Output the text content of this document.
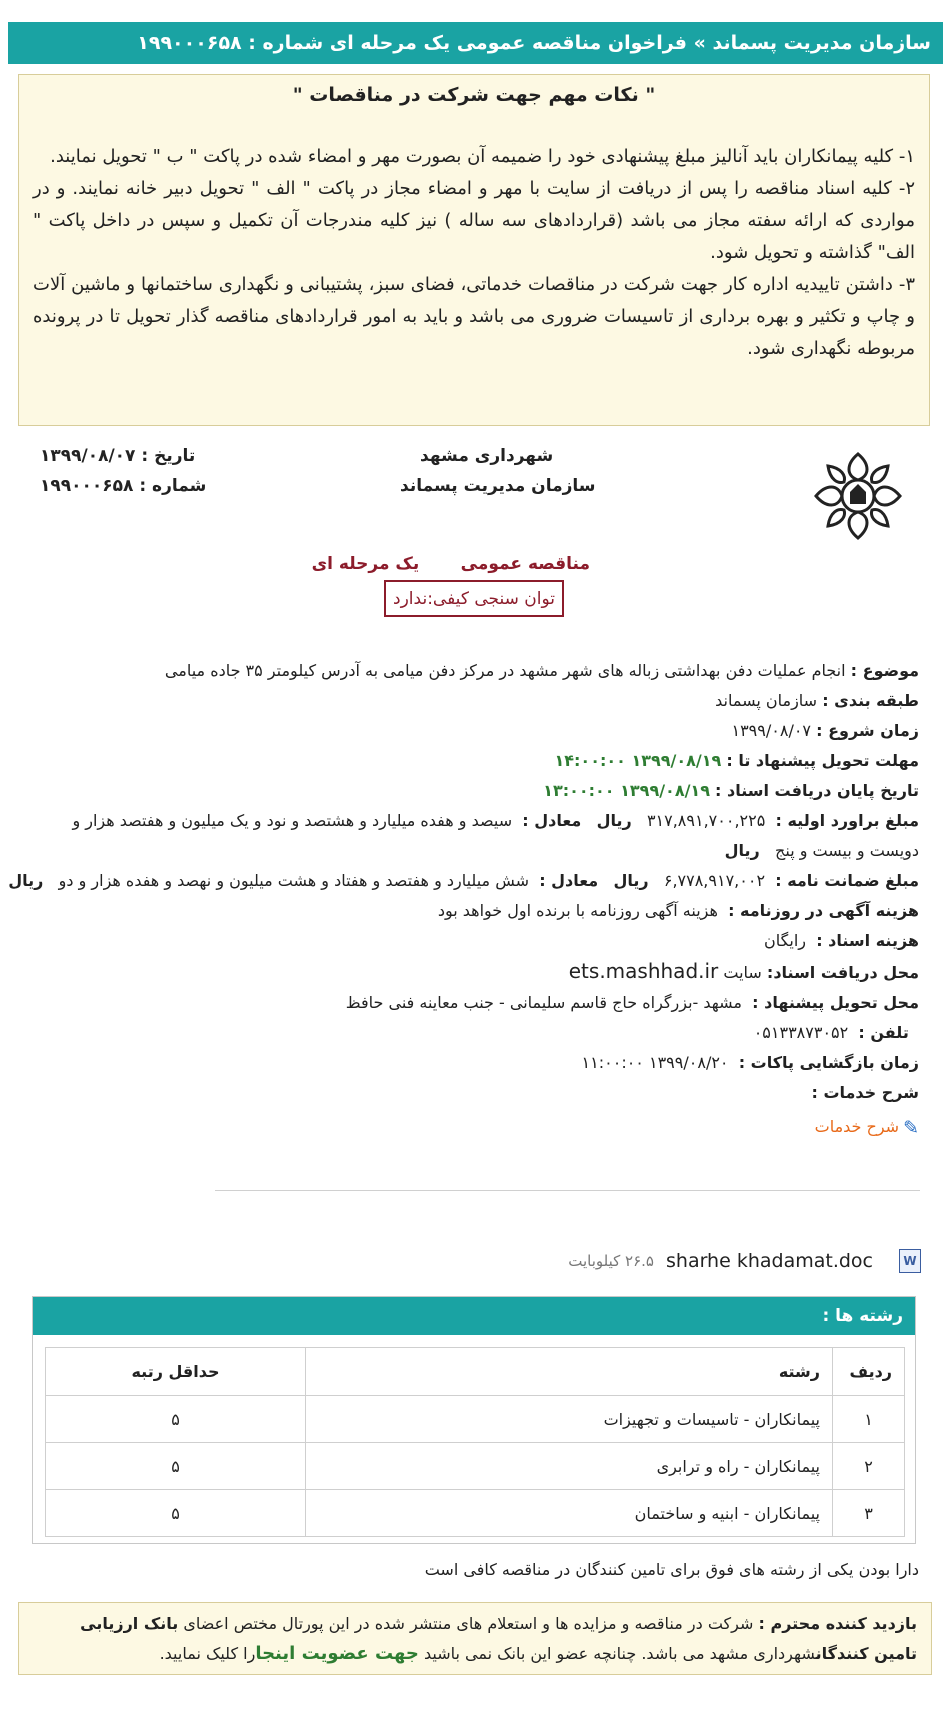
سازمان مدیریت پسماند » فراخوان مناقصه عمومی یک مرحله ای شماره : ۱۹۹۰۰۰۶۵۸
" نکات مهم جهت شرکت در مناقصات "

۱- کلیه پیمانکاران باید آنالیز مبلغ پیشنهادی خود را ضمیمه آن بصورت مهر و امضاء شده در پاکت " ب " تحویل نمایند.

۲- کلیه اسناد مناقصه را پس از دریافت از سایت با مهر و امضاء مجاز در پاکت " الف " تحویل دبیر خانه نمایند. و در مواردی که ارائه سفته مجاز می باشد (قراردادهای سه ساله ) نیز کلیه مندرجات آن تکمیل و سپس در داخل پاکت " الف" گذاشته و تحویل شود.

۳- داشتن تاییدیه اداره کار جهت شرکت در مناقصات خدماتی، فضای سبز، پشتیبانی و نگهداری ساختمانها و ماشین آلات و چاپ و تکثیر و بهره برداری از تاسیسات ضروری می باشد و باید به امور قراردادهای مناقصه گذار تحویل تا در پرونده مربوطه نگهداری شود.

شهرداری مشهد
سازمان مدیریت پسماند
تاریخ : ۱۳۹۹/۰۸/۰۷
شماره : ۱۹۹۰۰۰۶۵۸
مناقصه عمومی       یک مرحله ای
توان سنجی کیفی:ندارد
موضوع : انجام عملیات دفن بهداشتی زباله های شهر مشهد در مرکز دفن میامی به آدرس کیلومتر ۳۵ جاده میامی
طبقه بندی : سازمان پسماند
زمان شروع : ۱۳۹۹/۰۸/۰۷
مهلت تحویل پیشنهاد تا : ۱۳۹۹/۰۸/۱۹ ۱۴:۰۰:۰۰
تاریخ پایان دریافت اسناد : ۱۳۹۹/۰۸/۱۹ ۱۳:۰۰:۰۰
مبلغ براورد اولیه :  ۳۱۷,۸۹۱,۷۰۰,۲۲۵   ریال   معادل :  سیصد و هفده میلیارد و هشتصد و نود و یک میلیون و هفتصد هزار و دویست و بیست و پنج   ریال
مبلغ ضمانت نامه :  ۶,۷۷۸,۹۱۷,۰۰۲   ریال   معادل :  شش میلیارد و هفتصد و هفتاد و هشت میلیون و نهصد و هفده هزار و دو   ریال
هزینه آگهی در روزنامه :  هزینه آگهی روزنامه با برنده اول خواهد بود
هزینه اسناد :  رایگان
محل دریافت اسناد: سایت ets.mashhad.ir
محل تحویل پیشنهاد :  مشهد -بزرگراه حاج قاسم سلیمانی - جنب معاینه فنی حافظ
تلفن :  ۰۵۱۳۳۸۷۳۰۵۲
زمان بازگشایی پاکات :  ۱۳۹۹/۰۸/۲۰ ۱۱:۰۰:۰۰
شرح خدمات :
✎شرح خدمات
W
sharhe khadamat.doc
۲۶.۵ کیلوبایت
رشته ها :
ردیف	رشته	حداقل رتبه
۱	پیمانکاران - تاسیسات و تجهیزات	۵
۲	پیمانکاران - راه و ترابری	۵
۳	پیمانکاران - ابنیه و ساختمان	۵
دارا بودن یکی از رشته های فوق برای تامین کنندگان در مناقصه کافی است
بازدید کننده محترم : شرکت در مناقصه و مزایده ها و استعلام های منتشر شده در این پورتال مختص اعضای بانک ارزیابی تامین کنندگانشهرداری مشهد می باشد. چنانچه عضو این بانک نمی باشید جهت عضویت اینجارا کلیک نمایید.
